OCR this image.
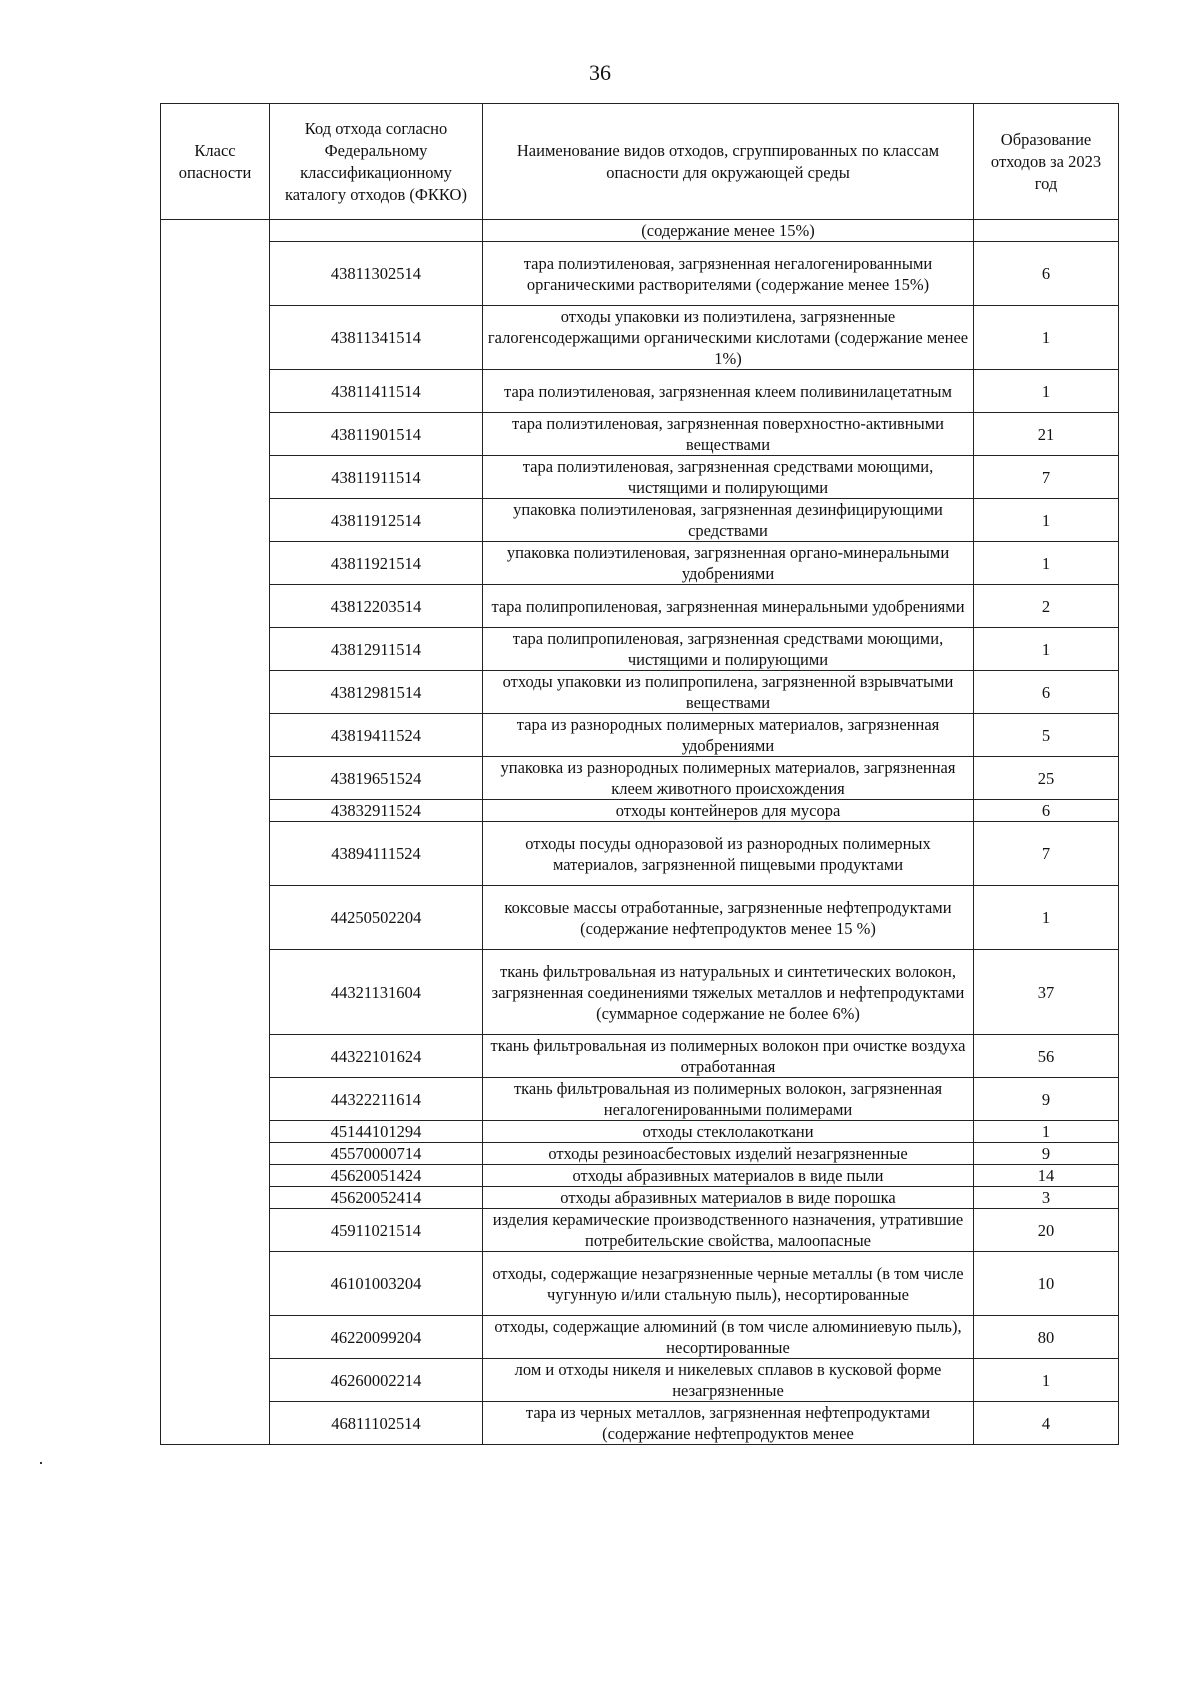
36
Класс опасности	Код отхода согласно Федеральному классификационному каталогу отходов (ФККО)	Наименование видов отходов, сгруппированных по классам опасности для окружающей среды	Образование отходов за 2023 год
		(содержание менее 15%)	
	43811302514	тара полиэтиленовая, загрязненная негалогенированными органическими растворителями (содержание менее 15%)	6
	43811341514	отходы упаковки из полиэтилена, загрязненные галогенсодержащими органическими кислотами (содержание менее 1%)	1
	43811411514	тара полиэтиленовая, загрязненная клеем поливинилацетатным	1
	43811901514	тара полиэтиленовая, загрязненная поверхностно-активными веществами	21
	43811911514	тара полиэтиленовая, загрязненная средствами моющими, чистящими и полирующими	7
	43811912514	упаковка полиэтиленовая, загрязненная дезинфицирующими средствами	1
	43811921514	упаковка полиэтиленовая, загрязненная органо-минеральными удобрениями	1
	43812203514	тара полипропиленовая, загрязненная минеральными удобрениями	2
	43812911514	тара полипропиленовая, загрязненная средствами моющими, чистящими и полирующими	1
	43812981514	отходы упаковки из полипропилена, загрязненной взрывчатыми веществами	6
	43819411524	тара из разнородных полимерных материалов, загрязненная удобрениями	5
	43819651524	упаковка из разнородных полимерных материалов, загрязненная клеем животного происхождения	25
	43832911524	отходы контейнеров для мусора	6
	43894111524	отходы посуды одноразовой из разнородных полимерных материалов, загрязненной пищевыми продуктами	7
	44250502204	коксовые массы отработанные, загрязненные нефтепродуктами (содержание нефтепродуктов менее 15 %)	1
	44321131604	ткань фильтровальная из натуральных и синтетических волокон, загрязненная соединениями тяжелых металлов и нефтепродуктами (суммарное содержание не более 6%)	37
	44322101624	ткань фильтровальная из полимерных волокон при очистке воздуха отработанная	56
	44322211614	ткань фильтровальная из полимерных волокон, загрязненная негалогенированными полимерами	9
	45144101294	отходы стеклолакоткани	1
	45570000714	отходы резиноасбестовых изделий незагрязненные	9
	45620051424	отходы абразивных материалов в виде пыли	14
	45620052414	отходы абразивных материалов в виде порошка	3
	45911021514	изделия керамические производственного назначения, утратившие потребительские свойства, малоопасные	20
	46101003204	отходы, содержащие незагрязненные черные металлы (в том числе чугунную и/или стальную пыль), несортированные	10
	46220099204	отходы, содержащие алюминий (в том числе алюминиевую пыль), несортированные	80
	46260002214	лом и отходы никеля и никелевых сплавов в кусковой форме незагрязненные	1
	46811102514	тара из черных металлов, загрязненная нефтепродуктами (содержание нефтепродуктов менее	4
